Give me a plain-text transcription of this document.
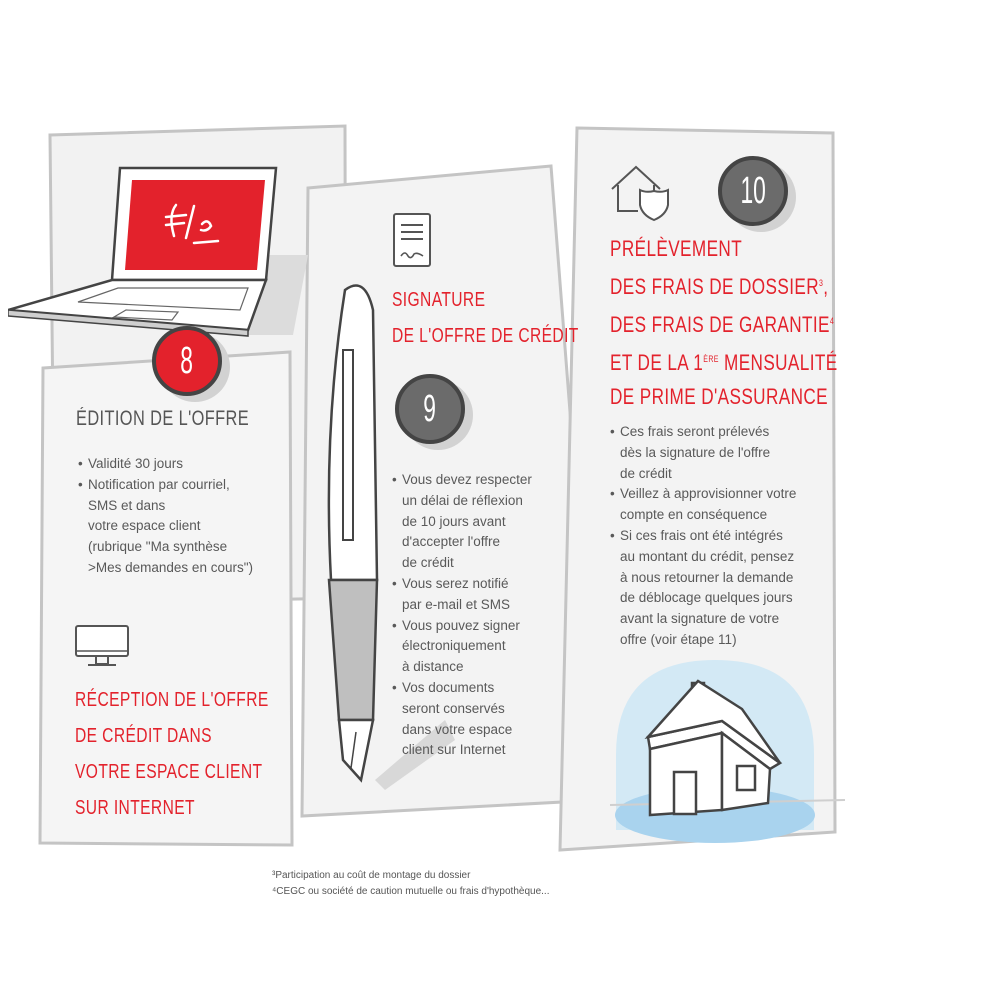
8
ÉDITION DE L'OFFRE
• Validité 30 jours
• Notification par courriel,
SMS et dans
votre espace client
(rubrique "Ma synthèse
>Mes demandes en cours")
RÉCEPTION DE L'OFFRE
DE CRÉDIT DANS
VOTRE ESPACE CLIENT
SUR INTERNET
SIGNATURE
DE L'OFFRE DE CRÉDIT
9
• Vous devez respecter
un délai de réflexion
de 10 jours avant
d'accepter l'offre
de crédit
• Vous serez notifié
par e-mail et SMS
• Vous pouvez signer
électroniquement
à distance
• Vos documents
seront conservés
dans votre espace
client sur Internet
10
PRÉLÈVEMENT
DES FRAIS DE DOSSIER$^3$,
DES FRAIS DE GARANTIE$^4$
ET DE LA 1ÈRE MENSUALITÉ
DE PRIME D'ASSURANCE
• Ces frais seront prélevés
dès la signature de l'offre
de crédit
• Veillez à approvisionner votre
compte en conséquence
• Si ces frais ont été intégrés
au montant du crédit, pensez
à nous retourner la demande
de déblocage quelques jours
avant la signature de votre
offre (voir étape 11)
³Participation au coût de montage du dossier
⁴CEGC ou société de caution mutuelle ou frais d'hypothèque...
